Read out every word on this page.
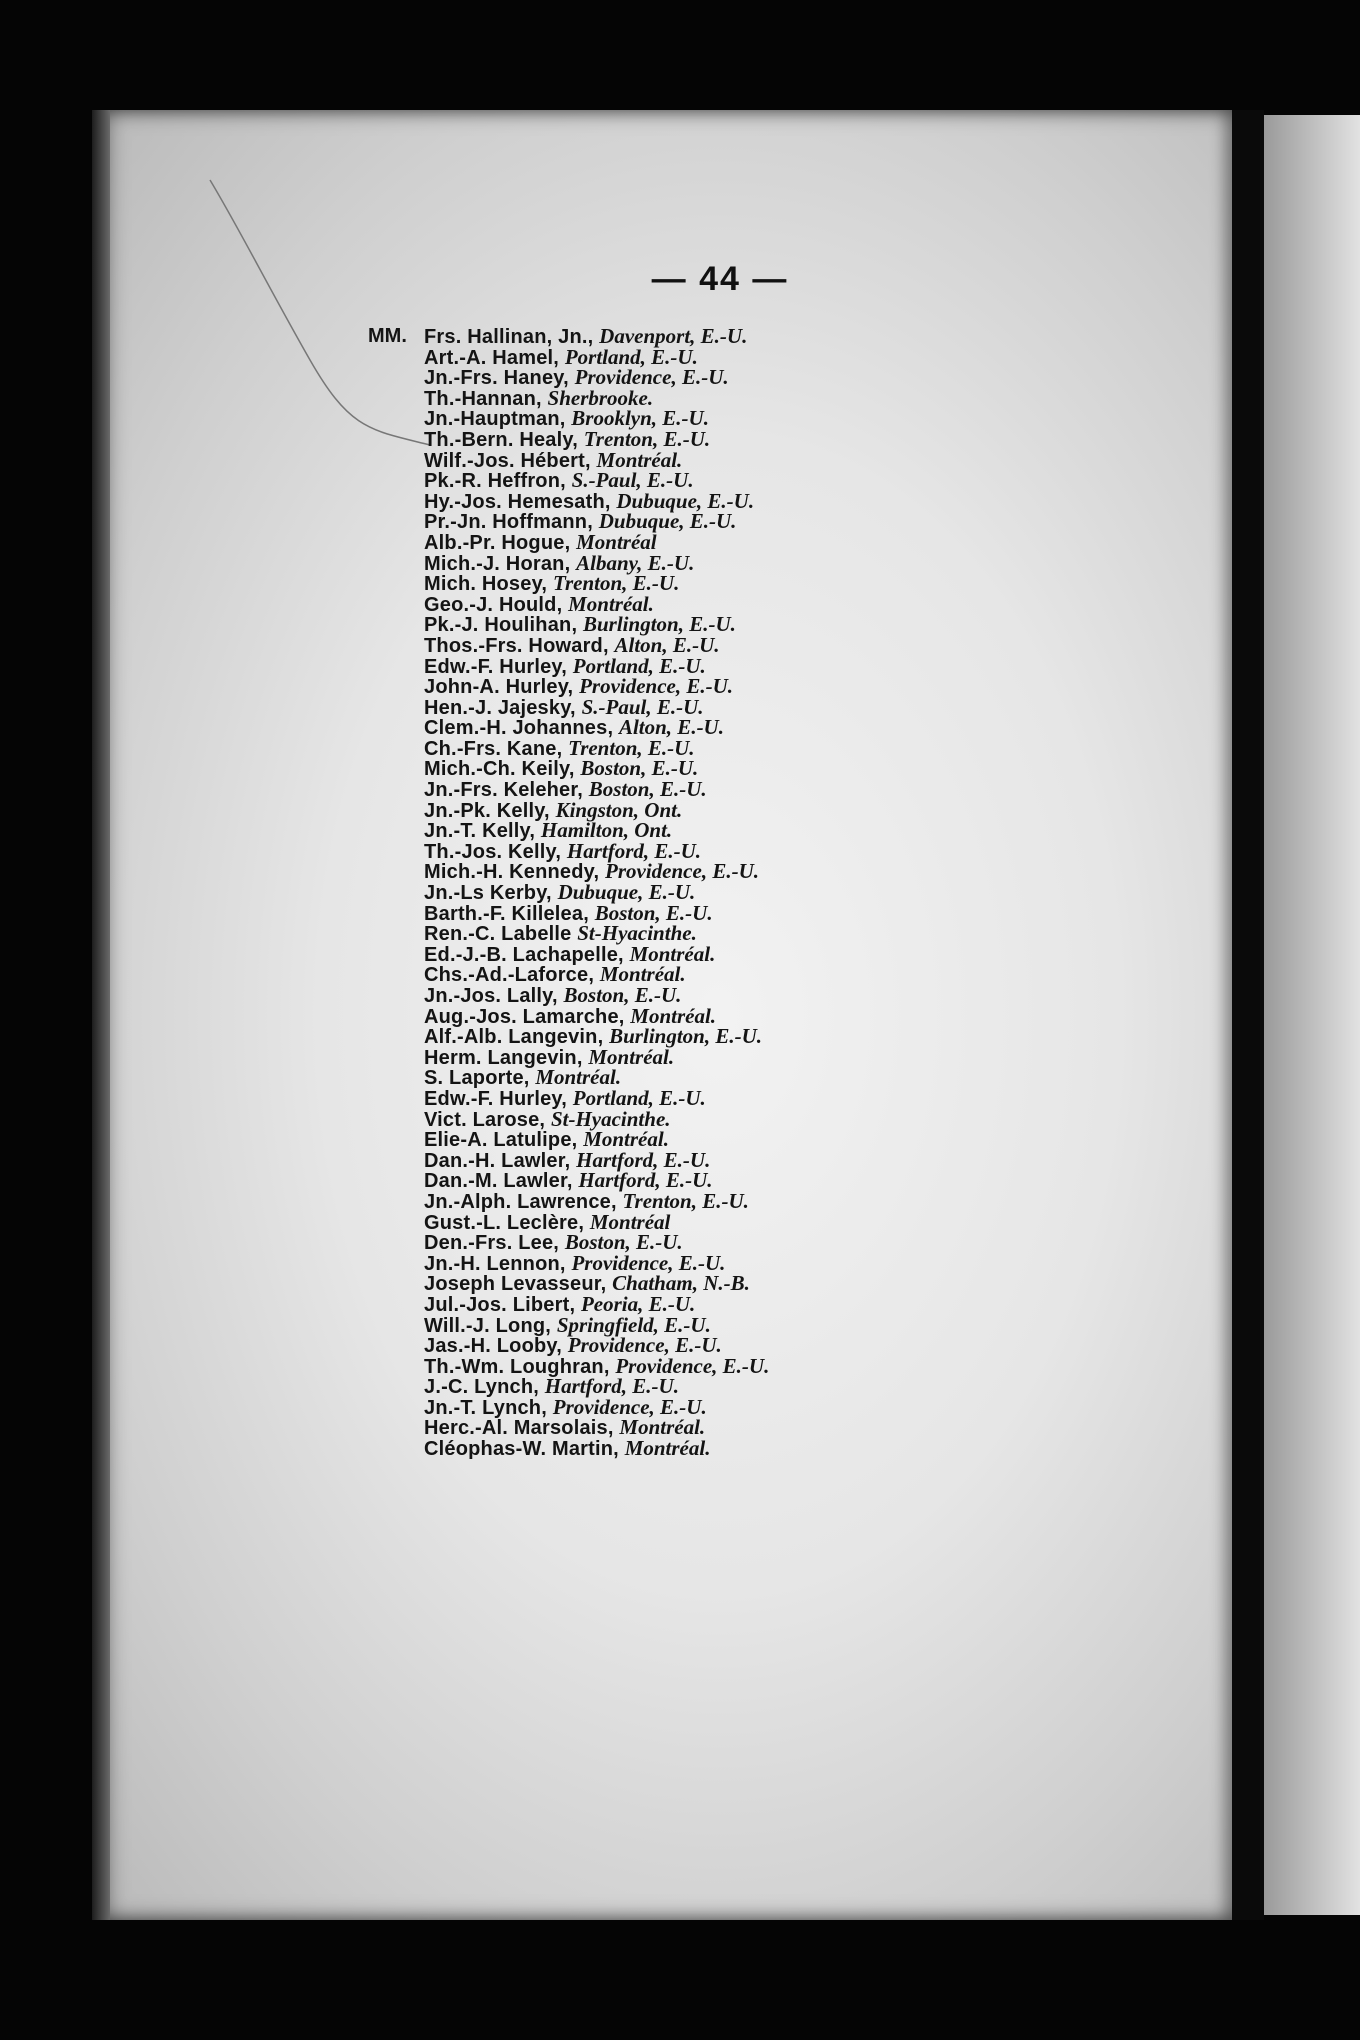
— 44 —
MM. Frs. Hallinan, Jn., Davenport, E.-U.
Art.-A. Hamel, Portland, E.-U.
Jn.-Frs. Haney, Providence, E.-U.
Th.-Hannan, Sherbrooke.
Jn.-Hauptman, Brooklyn, E.-U.
Th.-Bern. Healy, Trenton, E.-U.
Wilf.-Jos. Hébert, Montréal.
Pk.-R. Heffron, S.-Paul, E.-U.
Hy.-Jos. Hemesath, Dubuque, E.-U.
Pr.-Jn. Hoffmann, Dubuque, E.-U.
Alb.-Pr. Hogue, Montréal
Mich.-J. Horan, Albany, E.-U.
Mich. Hosey, Trenton, E.-U.
Geo.-J. Hould, Montréal.
Pk.-J. Houlihan, Burlington, E.-U.
Thos.-Frs. Howard, Alton, E.-U.
Edw.-F. Hurley, Portland, E.-U.
John-A. Hurley, Providence, E.-U.
Hen.-J. Jajesky, S.-Paul, E.-U.
Clem.-H. Johannes, Alton, E.-U.
Ch.-Frs. Kane, Trenton, E.-U.
Mich.-Ch. Keily, Boston, E.-U.
Jn.-Frs. Keleher, Boston, E.-U.
Jn.-Pk. Kelly, Kingston, Ont.
Jn.-T. Kelly, Hamilton, Ont.
Th.-Jos. Kelly, Hartford, E.-U.
Mich.-H. Kennedy, Providence, E.-U.
Jn.-Ls Kerby, Dubuque, E.-U.
Barth.-F. Killelea, Boston, E.-U.
Ren.-C. Labelle St-Hyacinthe.
Ed.-J.-B. Lachapelle, Montréal.
Chs.-Ad.-Laforce, Montréal.
Jn.-Jos. Lally, Boston, E.-U.
Aug.-Jos. Lamarche, Montréal.
Alf.-Alb. Langevin, Burlington, E.-U.
Herm. Langevin, Montréal.
S. Laporte, Montréal.
Edw.-F. Hurley, Portland, E.-U.
Vict. Larose, St-Hyacinthe.
Elie-A. Latulipe, Montréal.
Dan.-H. Lawler, Hartford, E.-U.
Dan.-M. Lawler, Hartford, E.-U.
Jn.-Alph. Lawrence, Trenton, E.-U.
Gust.-L. Leclère, Montréal
Den.-Frs. Lee, Boston, E.-U.
Jn.-H. Lennon, Providence, E.-U.
Joseph Levasseur, Chatham, N.-B.
Jul.-Jos. Libert, Peoria, E.-U.
Will.-J. Long, Springfield, E.-U.
Jas.-H. Looby, Providence, E.-U.
Th.-Wm. Loughran, Providence, E.-U.
J.-C. Lynch, Hartford, E.-U.
Jn.-T. Lynch, Providence, E.-U.
Herc.-Al. Marsolais, Montréal.
Cléophas-W. Martin, Montréal.
